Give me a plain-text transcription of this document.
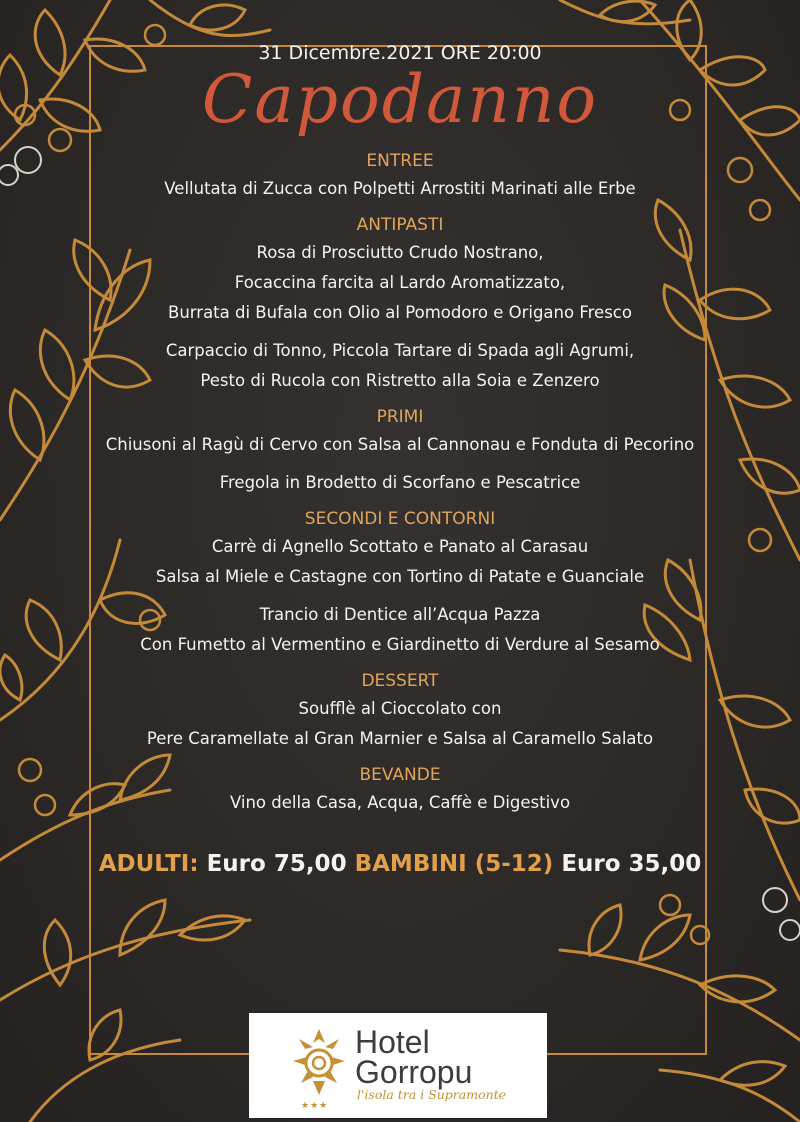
31 Dicembre.2021 ORE 20:00
Capodanno
ENTREE
Vellutata di Zucca con Polpetti Arrostiti Marinati alle Erbe
ANTIPASTI
Rosa di Prosciutto Crudo Nostrano,
Focaccina farcita al Lardo Aromatizzato,
Burrata di Bufala con Olio al Pomodoro e Origano Fresco
Carpaccio di Tonno, Piccola Tartare di Spada agli Agrumi,
Pesto di Rucola con Ristretto alla Soia e Zenzero
PRIMI
Chiusoni al Ragù di Cervo con Salsa al Cannonau e Fonduta di Pecorino
Fregola in Brodetto di Scorfano e Pescatrice
SECONDI E CONTORNI
Carrè di Agnello Scottato e Panato al Carasau
Salsa al Miele e Castagne con Tortino di Patate e Guanciale
Trancio di Dentice all’Acqua Pazza
Con Fumetto al Vermentino e Giardinetto di Verdure al Sesamo
DESSERT
Soufflè al Cioccolato con
Pere Caramellate al Gran Marnier e Salsa al Caramello Salato
BEVANDE
Vino della Casa, Acqua, Caffè e Digestivo
ADULTI: Euro 75,00 BAMBINI (5-12) Euro 35,00
★★★
Hotel
Gorropu
l'isola tra i Supramonte
